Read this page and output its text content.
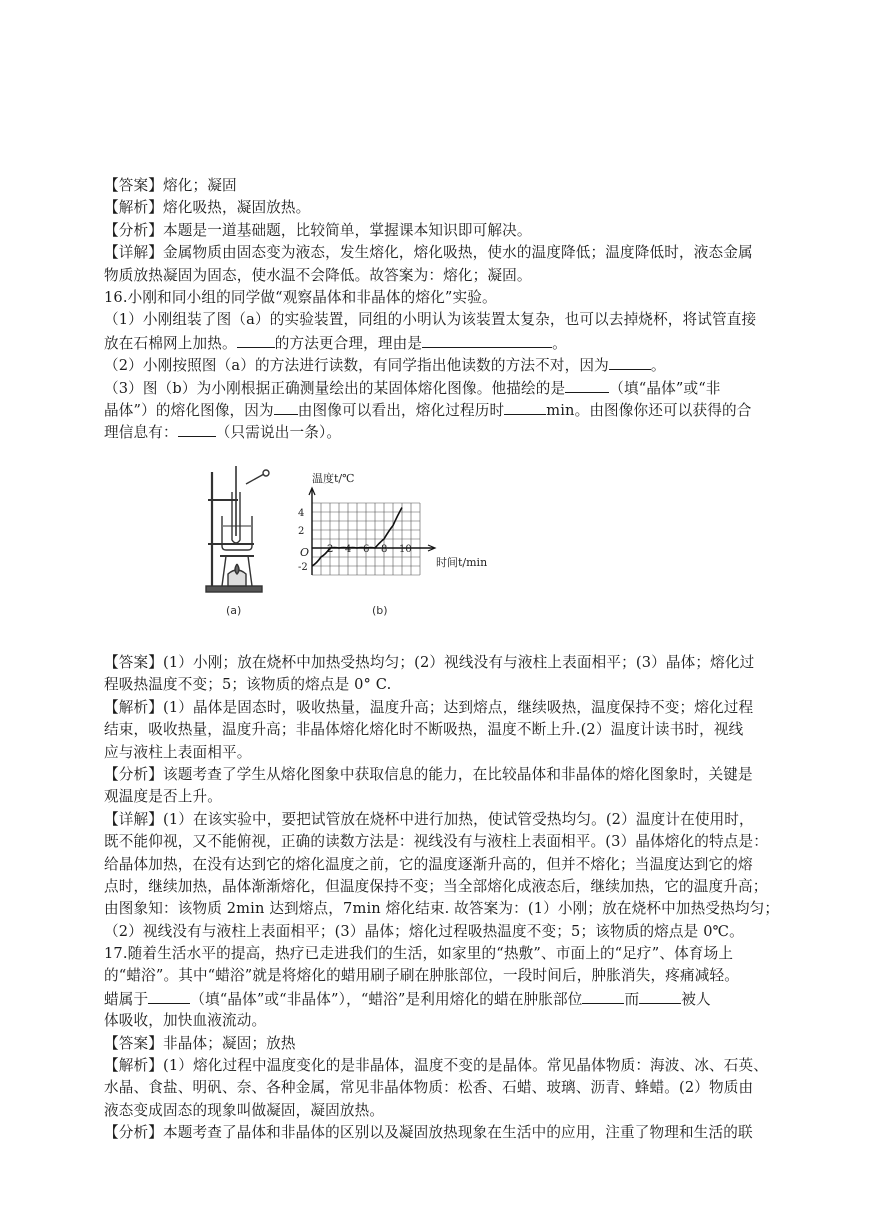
【答案】熔化；凝固
【解析】熔化吸热，凝固放热。
【分析】本题是一道基础题，比较简单，掌握课本知识即可解决。
【详解】金属物质由固态变为液态，发生熔化，熔化吸热，使水的温度降低；温度降低时，液态金属
物质放热凝固为固态，使水温不会降低。故答案为：熔化；凝固。
16.小刚和同小组的同学做“观察晶体和非晶体的熔化”实验。
（1）小刚组装了图（a）的实验装置，同组的小明认为该装置太复杂，也可以去掉烧杯，将试管直接
放在石棉网上加热。	的方法更合理，理由是	。
（2）小刚按照图（a）的方法进行读数，有同学指出他读数的方法不对，因为	。
（3）图（b）为小刚根据正确测量绘出的某固体熔化图像。他描绘的是	（填“晶体”或“非
晶体”）的熔化图像，因为 由图像可以看出，熔化过程历时	min。由图像你还可以获得的合
理信息有：	（只需说出一条）。
(a)
4
2
-2
2 4 6 8 10
温度t/℃
时间t/min
O
(b)
【答案】(1）小刚；放在烧杯中加热受热均匀；(2）视线没有与液柱上表面相平；(3）晶体；熔化过
程吸热温度不变；5；该物质的熔点是 0° C.
【解析】(1）晶体是固态时，吸收热量，温度升高；达到熔点，继续吸热，温度保持不变；熔化过程
结束，吸收热量，温度升高；非晶体熔化熔化时不断吸热，温度不断上升.(2）温度计读书时，视线
应与液柱上表面相平。
【分析】该题考查了学生从熔化图象中获取信息的能力，在比较晶体和非晶体的熔化图象时，关键是
观温度是否上升。
【详解】(1）在该实验中，要把试管放在烧杯中进行加热，使试管受热均匀。(2）温度计在使用时，
既不能仰视，又不能俯视，正确的读数方法是：视线没有与液柱上表面相平。(3）晶体熔化的特点是：
给晶体加热，在没有达到它的熔化温度之前，它的温度逐渐升高的，但并不熔化；当温度达到它的熔
点时，继续加热，晶体渐渐熔化，但温度保持不变；当全部熔化成液态后，继续加热，它的温度升高；
由图象知：该物质 2min 达到熔点，7min 熔化结束. 故答案为：(1）小刚；放在烧杯中加热受热均匀；
（2）视线没有与液柱上表面相平；(3）晶体；熔化过程吸热温度不变；5；该物质的熔点是 0℃。
17.随着生活水平的提高，热疗已走进我们的生活，如家里的“热敷”、市面上的“足疗”、体育场上
的“蜡浴”。其中“蜡浴”就是将熔化的蜡用刷子刷在肿胀部位，一段时间后，肿胀消失，疼痛减轻。
蜡属于	（填“晶体”或“非晶体”），“蜡浴”是利用熔化的蜡在肿胀部位	而	被人
体吸收，加快血液流动。
【答案】非晶体；凝固；放热
【解析】(1）熔化过程中温度变化的是非晶体，温度不变的是晶体。常见晶体物质：海波、冰、石英、
水晶、食盐、明矾、奈、各种金属，常见非晶体物质：松香、石蜡、玻璃、沥青、蜂蜡。(2）物质由
液态变成固态的现象叫做凝固，凝固放热。
【分析】本题考查了晶体和非晶体的区别以及凝固放热现象在生活中的应用，注重了物理和生活的联
